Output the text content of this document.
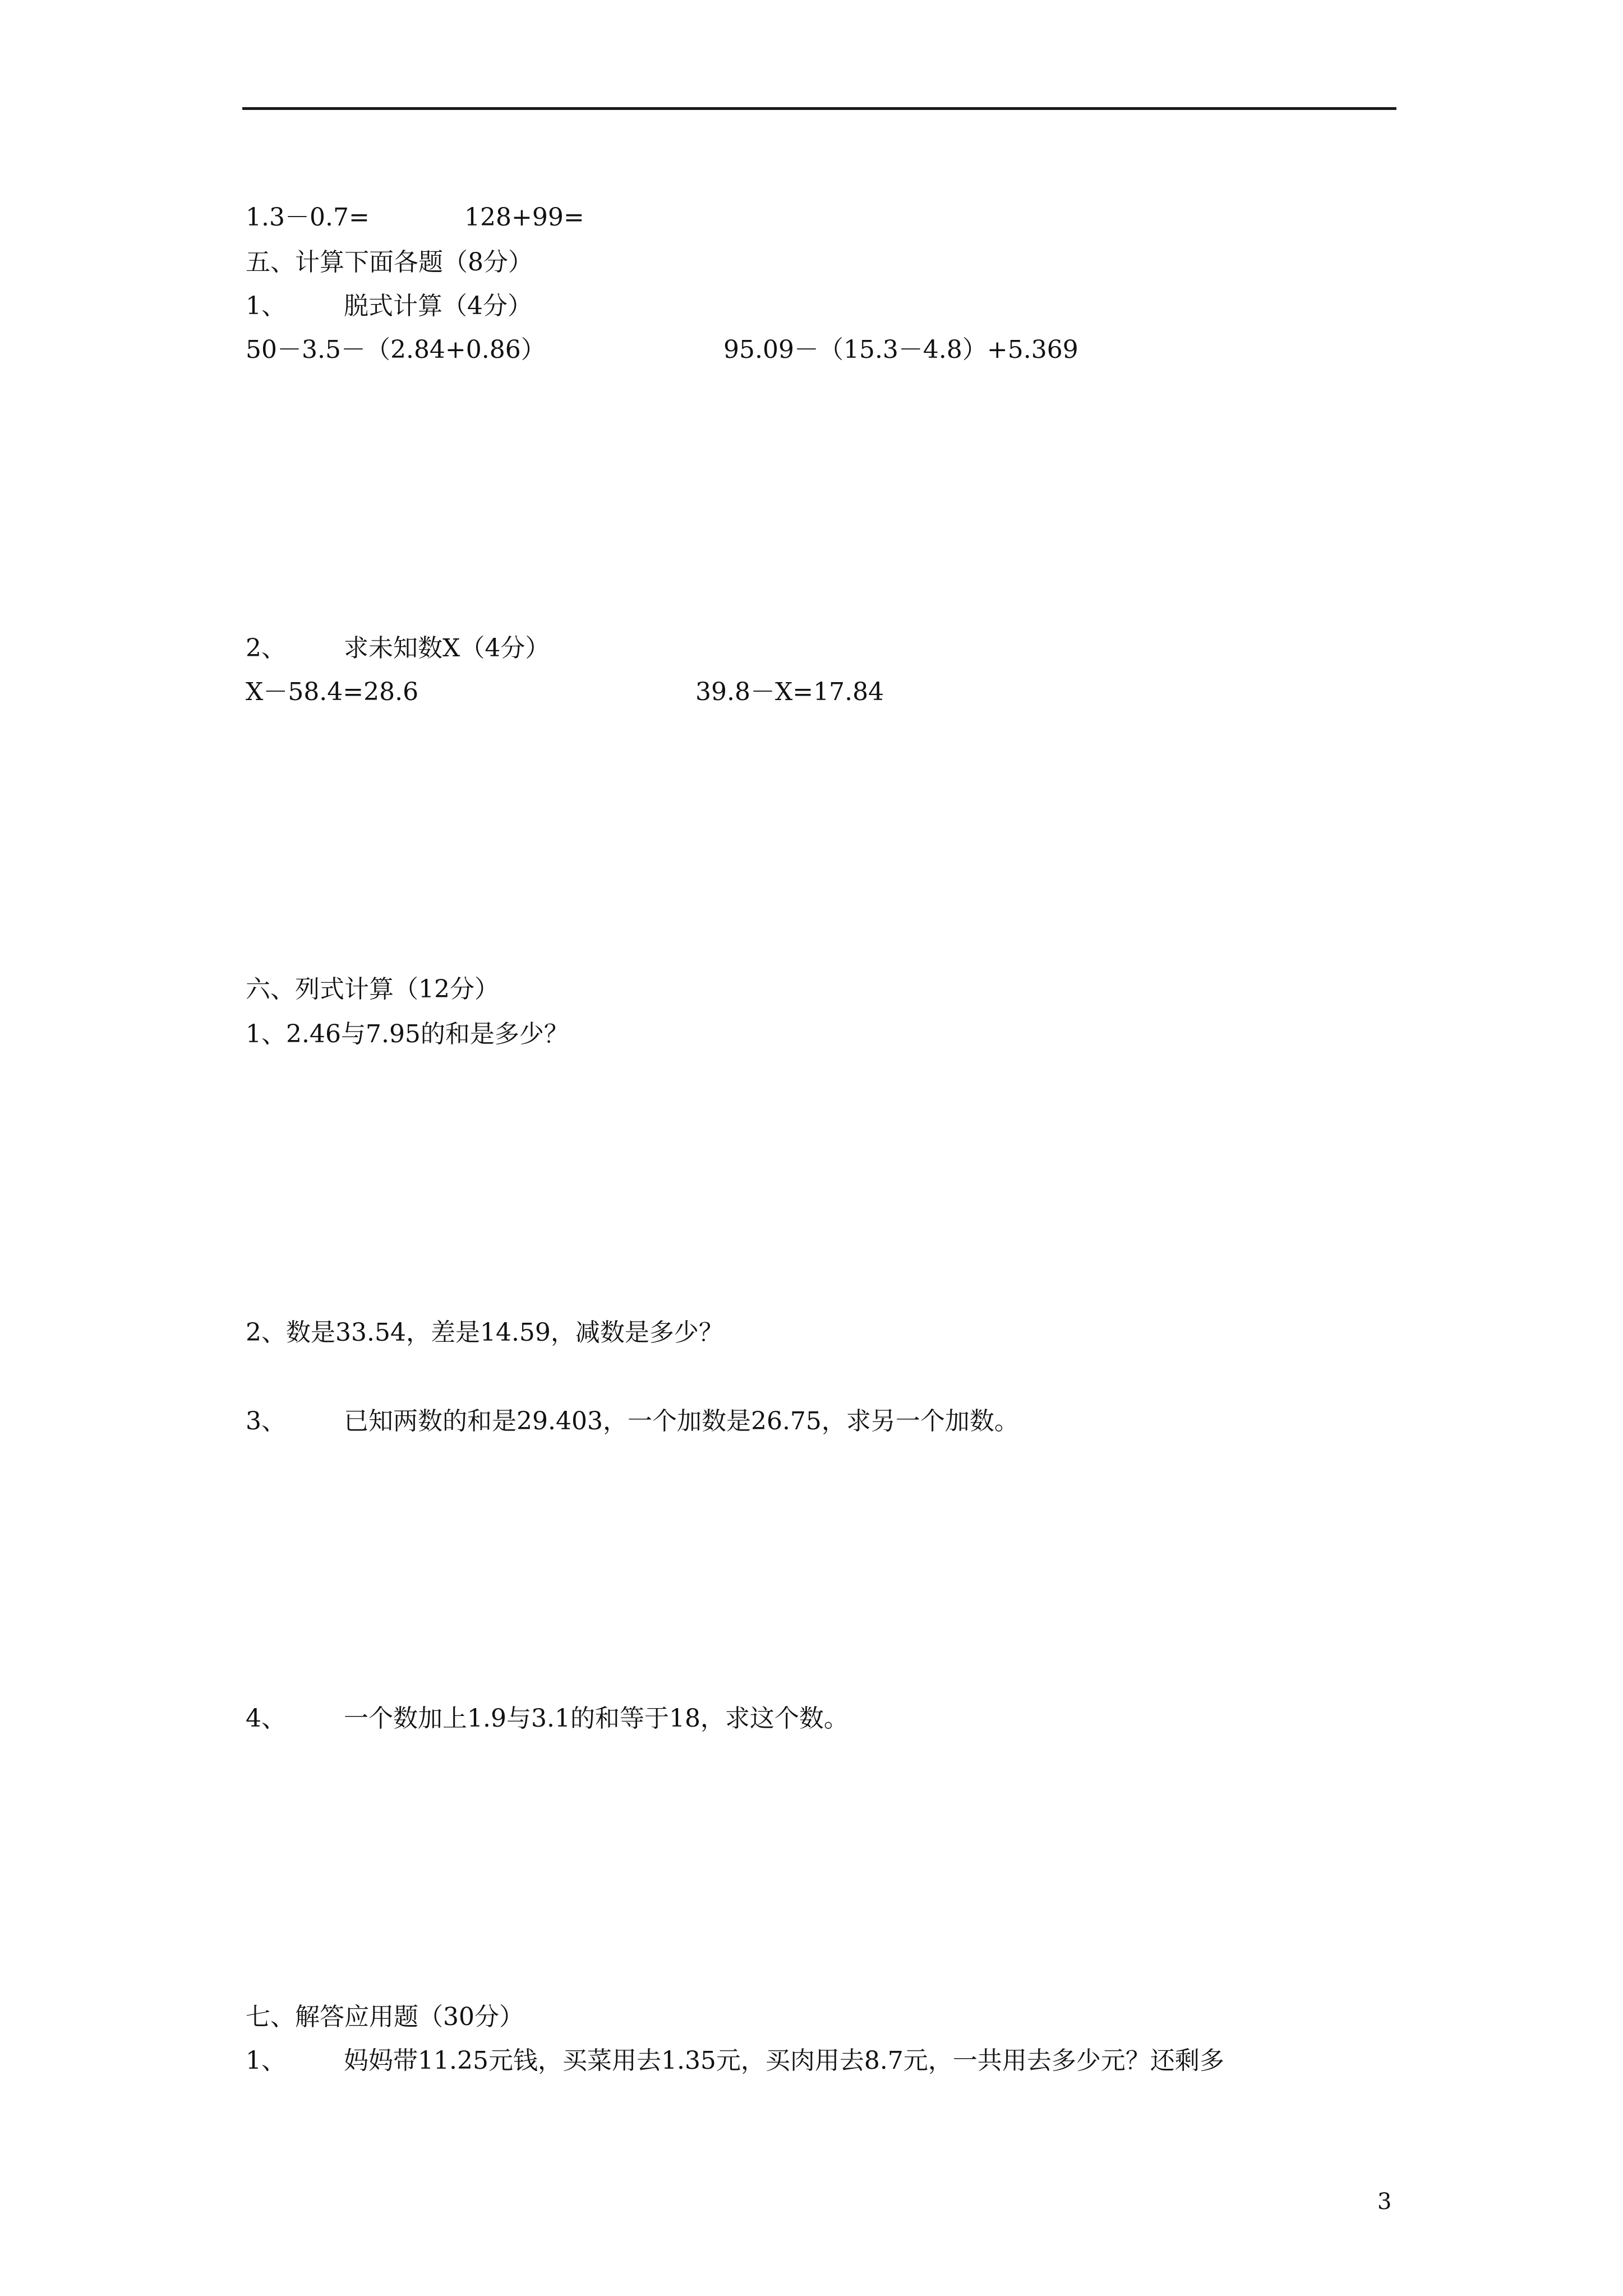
1.3－0.7=

	128+99=

五、计算下面各题（8分）

1、

脱式计算（4分）

50－3.5－（2.84+0.86）

	95.09－（15.3－4.8）+5.369

2、

求未知数X（4分）

X－58.4=28.6

	39.8－X=17.84

六、列式计算（12分）
1、2.46与7.95的和是多少？
2、数是33.54，差是14.59，减数是多少？

3、

已知两数的和是29.403，一个加数是26.75，求另一个加数。

4、

一个数加上1.9与3.1的和等于18，求这个数。

七、解答应用题（30分）

1、

妈妈带11.25元钱，买菜用去1.35元，买肉用去8.7元，一共用去多少元？还剩多

3
